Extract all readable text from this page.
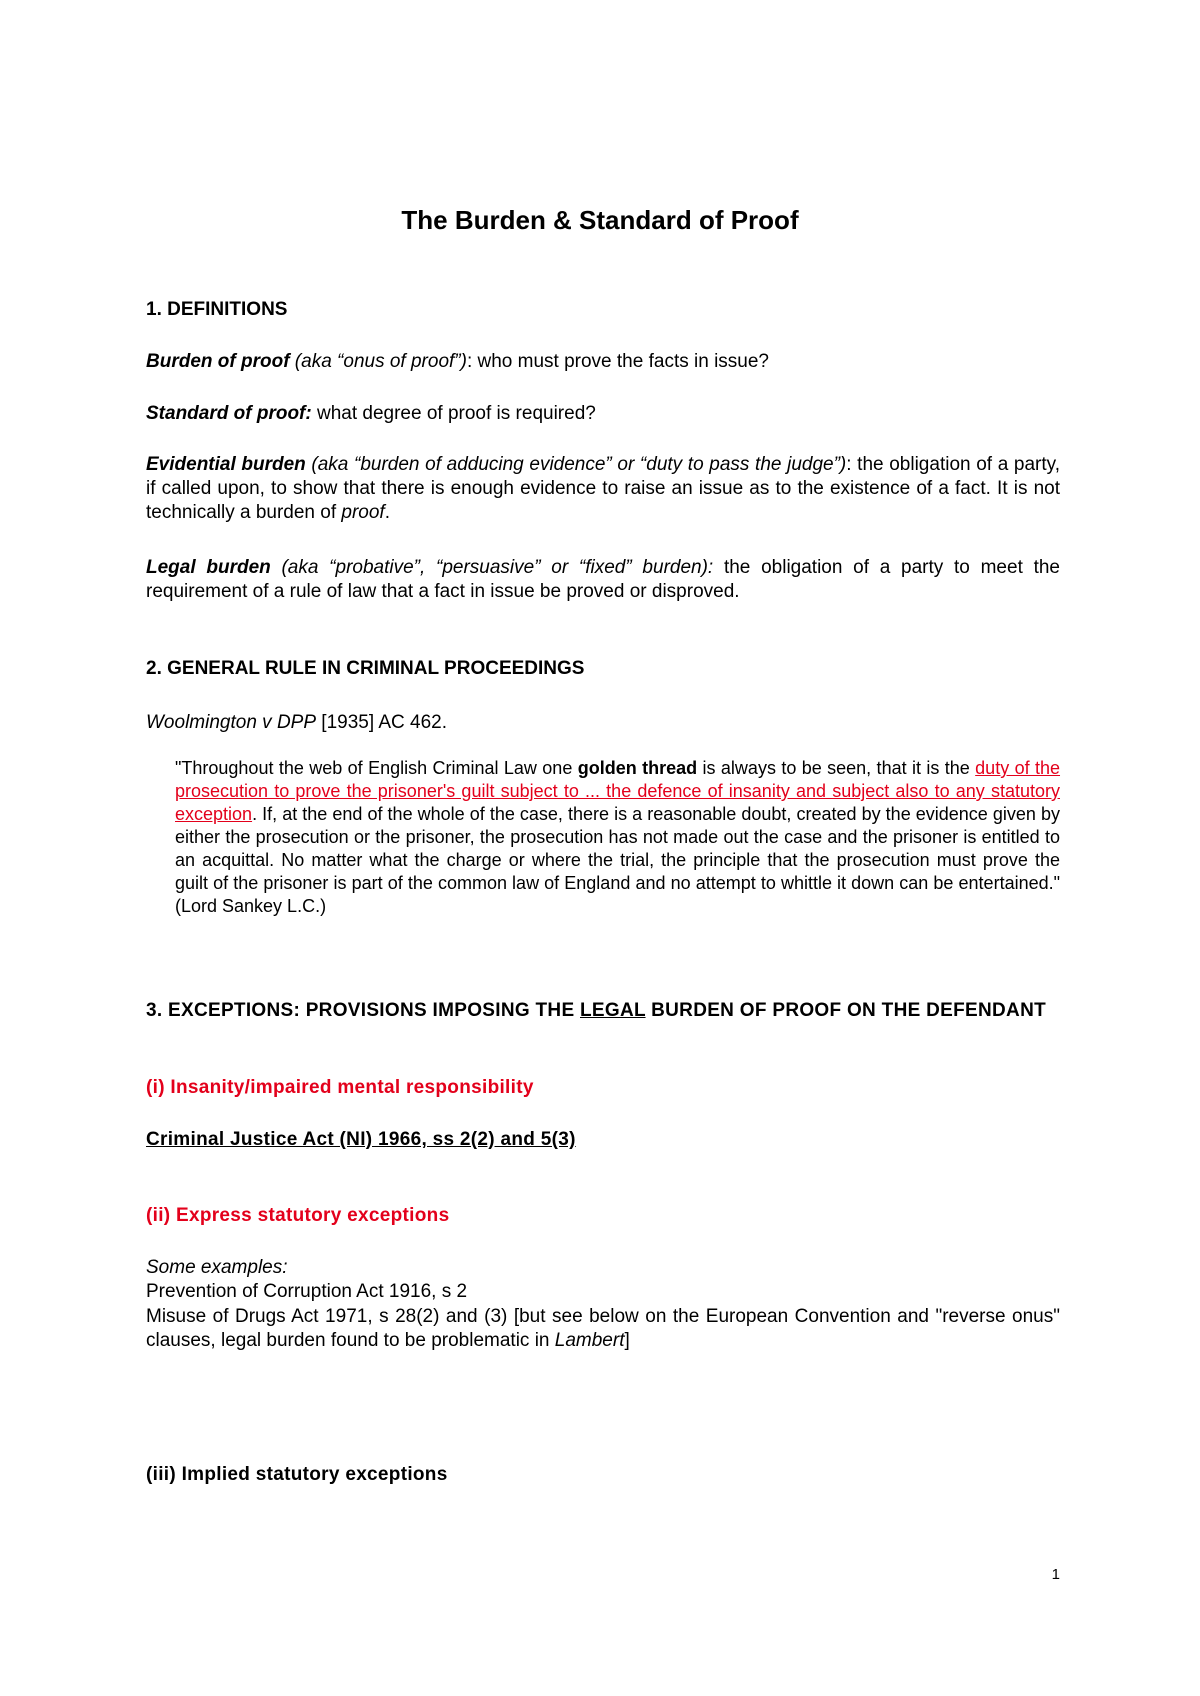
The Burden & Standard of Proof
1. DEFINITIONS
Burden of proof (aka “onus of proof”): who must prove the facts in issue?
Standard of proof: what degree of proof is required?
Evidential burden (aka “burden of adducing evidence” or “duty to pass the judge”): the obligation of a party, if called upon, to show that there is enough evidence to raise an issue as to the existence of a fact. It is not technically a burden of proof.
Legal burden (aka “probative”, “persuasive” or “fixed” burden): the obligation of a party to meet the requirement of a rule of law that a fact in issue be proved or disproved.
2. GENERAL RULE IN CRIMINAL PROCEEDINGS
Woolmington v DPP [1935] AC 462.
"Throughout the web of English Criminal Law one golden thread is always to be seen, that it is the duty of the prosecution to prove the prisoner's guilt subject to ... the defence of insanity and subject also to any statutory exception. If, at the end of the whole of the case, there is a reasonable doubt, created by the evidence given by either the prosecution or the prisoner, the prosecution has not made out the case and the prisoner is entitled to an acquittal. No matter what the charge or where the trial, the principle that the prosecution must prove the guilt of the prisoner is part of the common law of England and no attempt to whittle it down can be entertained." (Lord Sankey L.C.)
3. EXCEPTIONS: PROVISIONS IMPOSING THE LEGAL BURDEN OF PROOF ON THE DEFENDANT
(i) Insanity/impaired mental responsibility
Criminal Justice Act (NI) 1966, ss 2(2) and 5(3)
(ii) Express statutory exceptions
Some examples:
Prevention of Corruption Act 1916, s 2
Misuse of Drugs Act 1971, s 28(2) and (3) [but see below on the European Convention and "reverse onus" clauses, legal burden found to be problematic in Lambert]
(iii) Implied statutory exceptions
1
